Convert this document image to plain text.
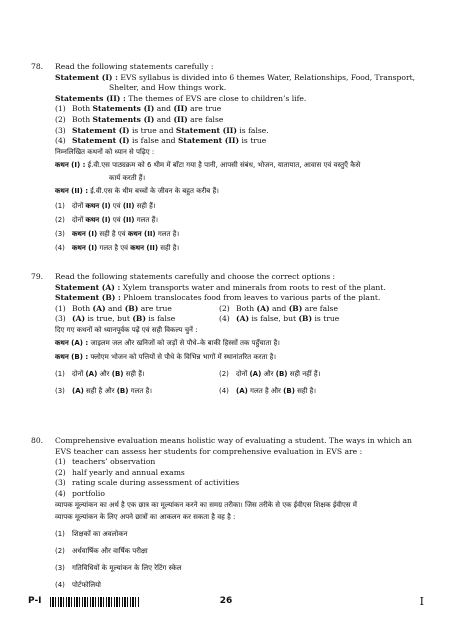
78. Read the following statements carefully :
Statement (I) : EVS syllabus is divided into 6 themes Water, Relationships, Food, Transport,
Shelter, and How things work.
Statements (II) : The themes of EVS are close to children’s life.
(1) Both Statements (I) and (II) are true
(2) Both Statements (I) and (II) are false
(3) Statement (I) is true and Statement (II) is false.
(4) Statement (I) is false and Statement (II) is true
निम्नलिखित कथनों को ध्यान से पढ़िए :
कथन (I) : ई.वी.एस पाठ्यक्रम को 6 थीम में बाँटा गया है पानी, आपसी संबंध, भोजन, यातायात, आवास एवं वस्तुएँ कैसे
कार्य करती हैं।
कथन (II) : ई.वी.एस के थीम बच्चों के जीवन के बहुत करीब हैं।
(1)	दोनों कथन (I) एवं (II) सही हैं।
(2)	दोनों कथन (I) एवं (II) गलत हैं।
(3)	कथन (I) सही है एवं कथन (II) गलत है।
(4)	कथन (I) गलत है एवं कथन (II) सही है।
79. Read the following statements carefully and choose the correct options :
Statement (A) : Xylem transports water and minerals from roots to rest of the plant.
Statement (B) : Phloem translocates food from leaves to various parts of the plant.
(1) Both (A) and (B) are true	(2) Both (A) and (B) are false
(3) (A) is true, but (B) is false	(4) (A) is false, but (B) is true
दिए गए कथनों को ध्यानपूर्वक पढ़ें एवं सही विकल्प चुनें :
कथन (A) : जाइलम जल और खनिजों को जड़ों से पौधे–के बाकी हिस्सों तक पहुँचाता है।
कथन (B) : फ्लोएम भोजन को पत्तियों से पौधे के विभिन्न भागों में स्थानांतरित करता है।
(1)	दोनों (A) और (B) सही हैं।	(2)	दोनों (A) और (B) सही नहीं हैं।
(3)	(A) सही है और (B) गलत है।	(4)	(A) गलत है और (B) सही है।
80. Comprehensive evaluation means holistic way of evaluating a student. The ways in which an
EVS teacher can assess her students for comprehensive evaluation in EVS are :
(1) teachers’ observation
(2) half yearly and annual exams
(3) rating scale during assessment of activities
(4) portfolio
व्यापक मूल्यांकन का अर्थ है एक छात्र का मूल्यांकन करने का समग्र तरीका। जिस तरीके से एक ईवीएस शिक्षक ईवीएस में
व्यापक मूल्यांकन के लिए अपने छात्रों का आकलन कर सकता है वह है :
(1)	शिक्षकों का अवलोकन
(2)	अर्धवार्षिक और वार्षिक परीक्षा
(3)	गतिविधियों के मूल्यांकन के लिए रेटिंग स्केल
(4)	पोर्टफोलियो
P-I	26	I
